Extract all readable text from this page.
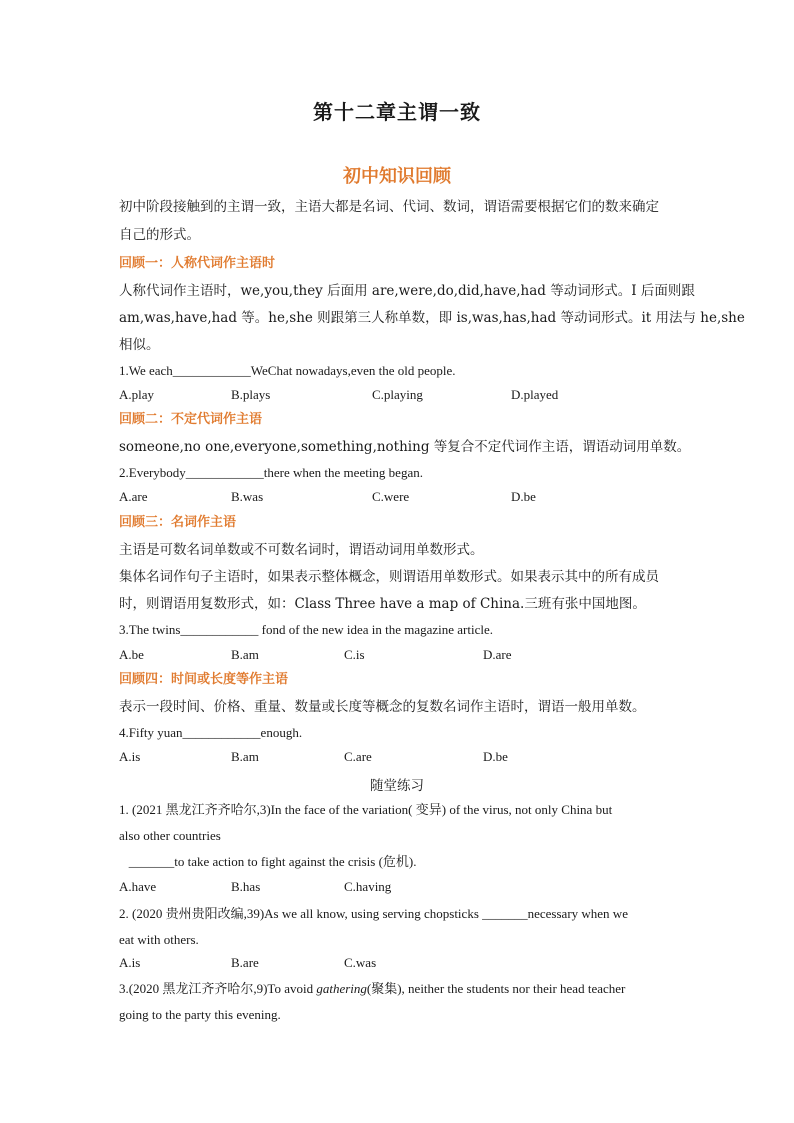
第十二章主谓一致
初中知识回顾
初中阶段接触到的主谓一致，主语大都是名词、代词、数词，谓语需要根据它们的数来确定
自己的形式。
回顾一：人称代词作主语时
人称代词作主语时，we,you,they 后面用 are,were,do,did,have,had 等动词形式。I 后面则跟
am,was,have,had 等。he,she 则跟第三人称单数，即 is,was,has,had 等动词形式。it 用法与 he,she
相似。
1.We each____________WeChat nowadays,even the old people.
A.play	B.plays	C.playing	D.played
回顾二：不定代词作主语
someone,no one,everyone,something,nothing 等复合不定代词作主语，谓语动词用单数。
2.Everybody____________there when the meeting began.
A.are	B.was	C.were	D.be
回顾三：名词作主语
主语是可数名词单数或不可数名词时，谓语动词用单数形式。
集体名词作句子主语时，如果表示整体概念，则谓语用单数形式。如果表示其中的所有成员
时，则谓语用复数形式，如：Class Three have a map of China.三班有张中国地图。
3.The twins____________ fond of the new idea in the magazine article.
A.be	B.am	C.is	D.are
回顾四：时间或长度等作主语
表示一段时间、价格、重量、数量或长度等概念的复数名词作主语时，谓语一般用单数。
4.Fifty yuan____________enough.
A.is	B.am	C.are	D.be
随堂练习
1. (2021 黑龙江齐齐哈尔,3)In the face of the variation( 变异) of the virus, not only China but
also other countries
_______to take action to fight against the crisis (危机).
A.have	B.has	C.having
2. (2020 贵州贵阳改编,39)As we all know, using serving chopsticks _______necessary when we
eat with others.
A.is	B.are	C.was
3.(2020 黑龙江齐齐哈尔,9)To avoid gathering(聚集), neither the students nor their head teacher
going to the party this evening.
